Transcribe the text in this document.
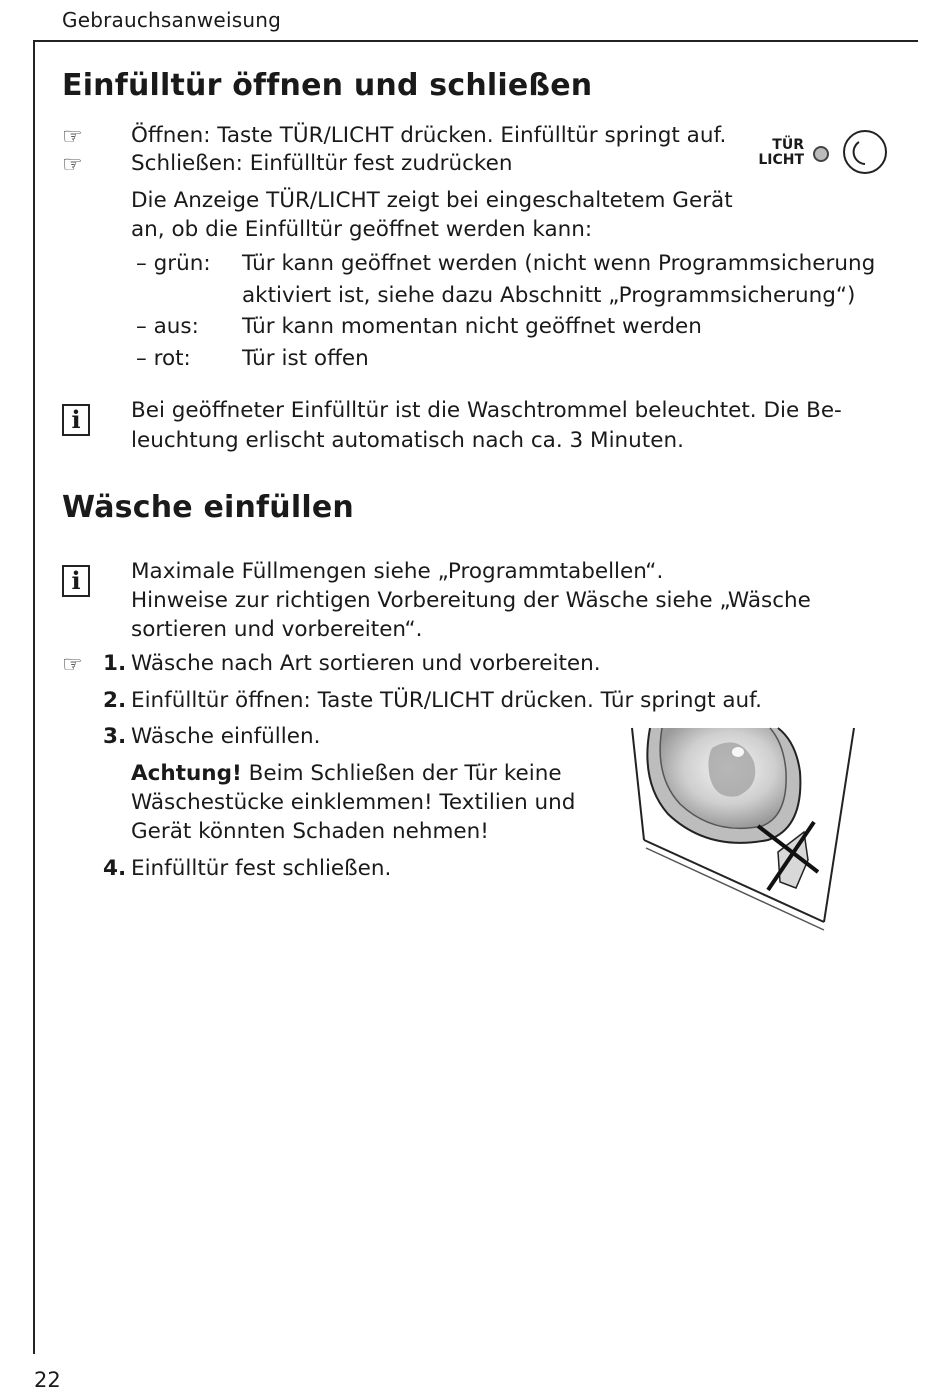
Gebrauchsanweisung
Einfülltür öffnen und schließen
☞ Öffnen: Taste TÜR/LICHT drücken. Einfülltür springt auf.
☞ Schließen: Einfülltür fest zudrücken
TÜR
LICHT
Die Anzeige TÜR/LICHT zeigt bei eingeschaltetem Gerät
an, ob die Einfülltür geöffnet werden kann:
– grün: Tür kann geöffnet werden (nicht wenn Programmsicherung
aktiviert ist, siehe dazu Abschnitt „Programmsicherung“)
– aus: Tür kann momentan nicht geöffnet werden
– rot: Tür ist offen
i Bei geöffneter Einfülltür ist die Waschtrommel beleuchtet. Die Be-
leuchtung erlischt automatisch nach ca. 3 Minuten.
Wäsche einfüllen
i Maximale Füllmengen siehe „Programmtabellen“.
Hinweise zur richtigen Vorbereitung der Wäsche siehe „Wäsche
sortieren und vorbereiten“.
☞ 1. Wäsche nach Art sortieren und vorbereiten.
2. Einfülltür öffnen: Taste TÜR/LICHT drücken. Tür springt auf.
3. Wäsche einfüllen.
Achtung! Beim Schließen der Tür keine
Wäschestücke einklemmen! Textilien und
Gerät könnten Schaden nehmen!
4. Einfülltür fest schließen.
22
